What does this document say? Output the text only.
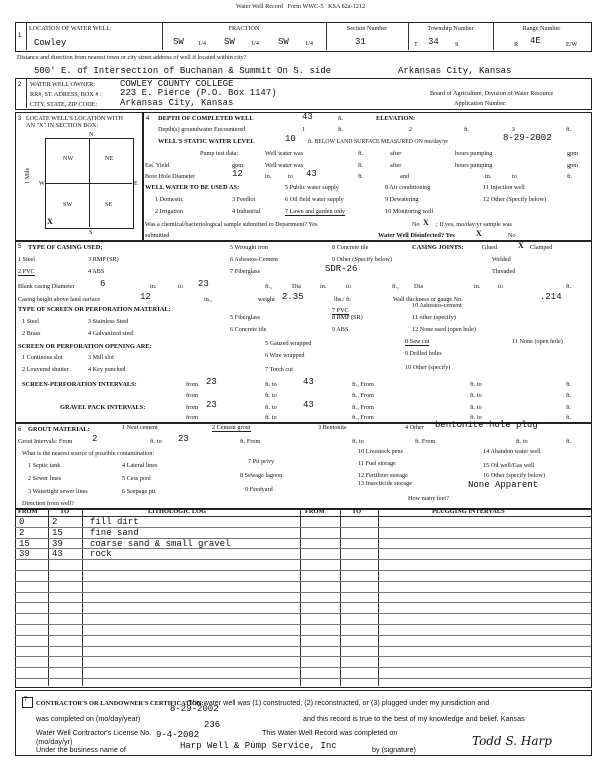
Water Well Record Form WWC-5 KSA 82a-1212
1
LOCATION OF WATER WELL:	FRACTION	Section Number	Township Number	Range Number
Cowley	SW 1/4 SW	1/4 SW	1/4	31	T 34	S	R 4E	E/W
Distance and direction from nearest town or city street address of well if located within city?
500' E. of Intersection of Buchanan & Summit On S. side	Arkansas City, Kansas
2 WATER WELL OWNER:	COWLEY COUNTY COLLEGE
RR#, ST. ADRESS, BOX # : 223 E. Pierce (P.O. Box 1147)
CITY, STATE, ZIP CODE:	Arkansas City, Kansas
Board of Agriculture, Division of Water Resource
Application Number:
3 LOCATE WELL'S LOCATION WITH
AN "X" IN SECTION BOX:
N
NW	NE
SW	SE
W	E
S
1 Mile
X
4 DEPTH OF COMPLETED WELL	43	ft.	ELEVATION:
Depth(s) groundwater Encountered	1	ft.	2	ft.	3	ft.
WELL'S STATIC WATER LEVEL	10 ft. BELOW LAND SURFACE MEASURED ON mo/day/yr	8-29-2002
Pump test data:	Well water was	ft.	after	hours pumping	gpm
Est. Yield	gpm:	Well water was	ft.	after	hours pumping	gpm
Bore Hole Diameter	12	in.	to 43	ft.	and	in.	to	ft.
WELL WATER TO BE USED AS:
1 Domestic
2 Irrigation
3 Feedlot
4 Industrial
5 Public water supply
6 Oil field water supply
7 Lawn and garden only
8 Air conditioning
9 Dewatering
10 Monitoring well
11 Injection well
12 Other (Specify below)
Was a chemical/bacteriological sample submitted to Department? Yes	No X ; If yes, mo/day/yr sample was
submitted	Water Well Disinfected? Yes	X	No
5 TYPE OF CASING USED:
1 Steel
2 PVC
3 RMP (SR)
4 ABS
5 Wrought iron
6 Asbestos-Cement
7 Fiberglass
8 Concrete tile
9 Other (Specify below)
SDR-26
CASING JOINTS:	Glued	X Clamped
Welded
Threaded
Blank casing Diameter	6	in.	to 23	ft.,	Dia	in.	to	ft., Dia	in.	to	ft.
Casing height above land surface	12	in.,	weight 2.35	lbs./ ft.	Wall thickness or gauge No.	.214
TYPE OF SCREEN OR PERFORATION MATERIAL:
1 Steel
2 Brass
3 Stainless Steel
4 Galvanized steel
5 Fiberglass
6 Concrete tile
7 PVC
8 RMP (SR)
9 ABS
10 Asbestos-cement
11 other (specify)
12 None used (open hole)
SCREEN OR PERFORATION OPENING ARE:
1 Continous slot
2 Louvered shutter
3 Mill slot
4 Key punched
5 Gauzed wrapped
6 Wire wrapped
7 Torch cut
8 Saw cut
9 Drilled holes
10 Other (specify)
11 None (open hole)
SCREEN-PERFORATION INTERVALS:	from 23	ft. to	43	ft., From	ft. to	ft.
from	ft. to	ft., From	ft. to	ft.
GRAVEL PACK INTERVALS:	from 23	ft. to	43	ft., From	ft. to	ft.
from	ft. to	ft., From	ft. to	ft.
6 GROUT MATERIAL:	1 Neat cement	2 Cement grout	3 Bentonite	4 Other bentonite hole plug
Grout Intervals: From 2	ft. to 23	ft. From	ft. to	ft. From	ft. to	ft.
What is the nearest source of possible contamination:
1 Septic tank
2 Sewer lines
3 Watertight sewer lines
4 Lateral lines
5 Cess pool
6 Seepage pit
7 Pit privy
8 Sewage lagoon
9 Feedyard
10 Livestock pens
11 Fuel storage
12 Fertilizer storage
13 Insecticide storage
14 Abandon water well
15 Oil well/Gas well
16 Other (specify below)
None Apparent
Direction from well?
How many feet?
FROM	TO	LITHOLOGIC LOG	FROM	TO	PLUGGING INTERVALS
0	2	fill dirt
2	15	fine sand
15 39	coarse sand & small gravel
39 43	rock
7 CONTRACTOR'S OR LANDOWNER'S CERTIFICATION:
This water well was (1) constructed, (2) reconstructed, or (3) plugged under my jurisdiction and
8-29-2002
was completed on (mo/day/year)	and this record is true to the best of my knowledge and belief. Kansas
Water Well Contractor's License No.
236
This Water Well Record was completed on
(mo/day/yr)
9-4-2002
Under the business name of	Harp Well & Pump Service, Inc	by (signature)
Todd S. Harp
